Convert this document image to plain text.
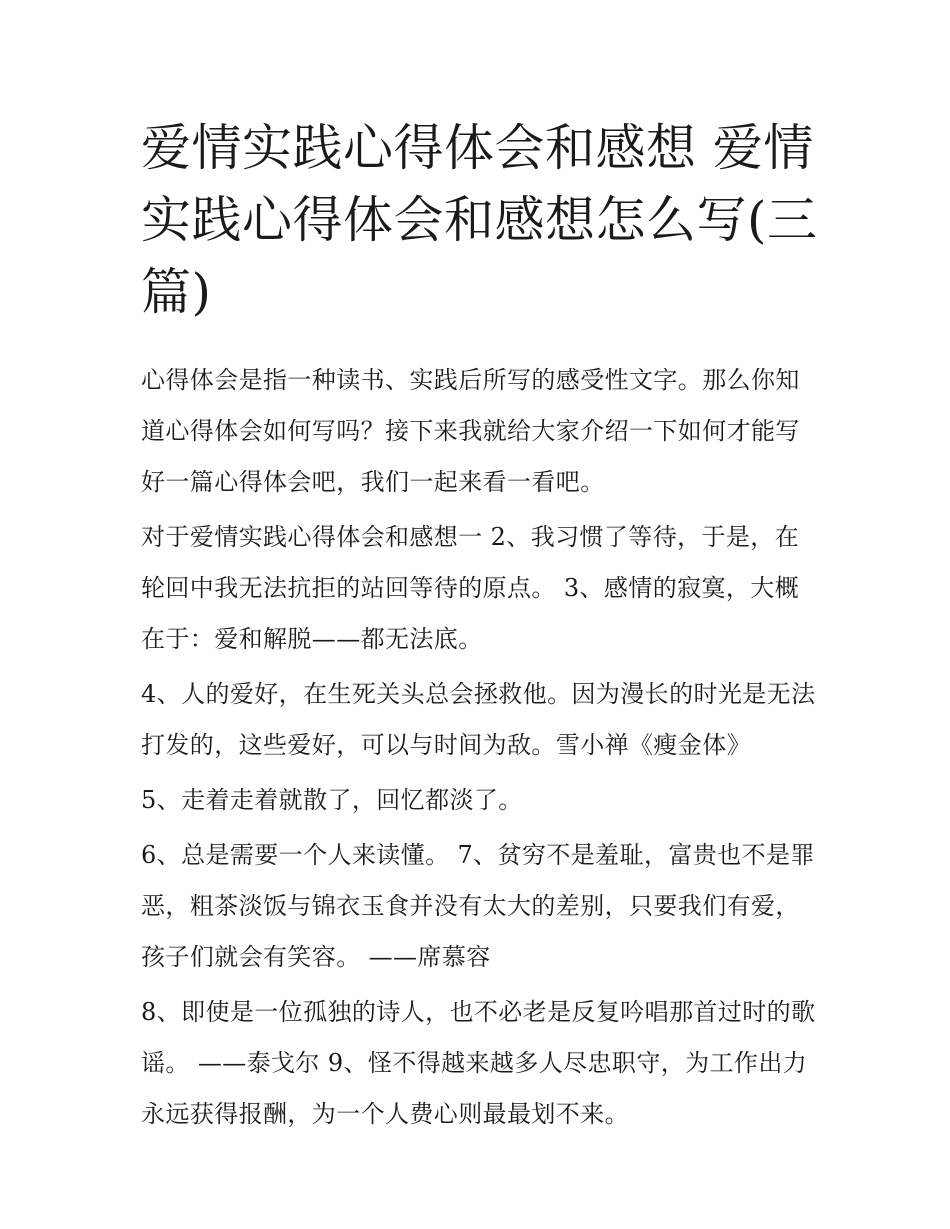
爱情实践心得体会和感想 爱情实践心得体会和感想怎么写(三篇)

心得体会是指一种读书、实践后所写的感受性文字。那么你知道心得体会如何写吗？接下来我就给大家介绍一下如何才能写好一篇心得体会吧，我们一起来看一看吧。

对于爱情实践心得体会和感想一 2、我习惯了等待，于是，在轮回中我无法抗拒的站回等待的原点。 3、感情的寂寞，大概在于：爱和解脱——都无法底。

4、人的爱好，在生死关头总会拯救他。因为漫长的时光是无法打发的，这些爱好，可以与时间为敌。雪小禅《瘦金体》

5、走着走着就散了，回忆都淡了。

6、总是需要一个人来读懂。 7、贫穷不是羞耻，富贵也不是罪恶，粗茶淡饭与锦衣玉食并没有太大的差别，只要我们有爱，孩子们就会有笑容。 ——席慕容

8、即使是一位孤独的诗人，也不必老是反复吟唱那首过时的歌谣。 ——泰戈尔 9、怪不得越来越多人尽忠职守，为工作出力永远获得报酬，为一个人费心则最最划不来。
